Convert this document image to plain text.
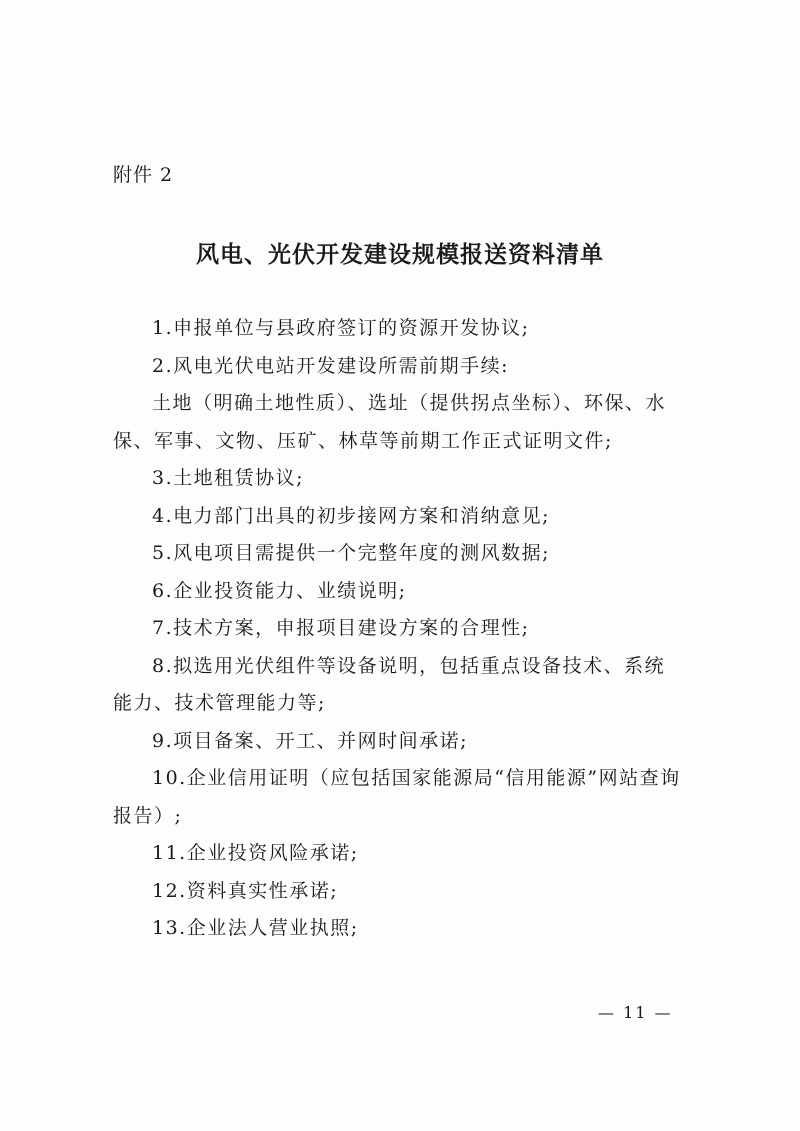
附件 2
风电、光伏开发建设规模报送资料清单

1.申报单位与县政府签订的资源开发协议;

2.风电光伏电站开发建设所需前期手续:

土地（明确土地性质）、选址（提供拐点坐标）、环保、水保、军事、文物、压矿、林草等前期工作正式证明文件;

3.土地租赁协议;

4.电力部门出具的初步接网方案和消纳意见;

5.风电项目需提供一个完整年度的测风数据;

6.企业投资能力、业绩说明;

7.技术方案，申报项目建设方案的合理性;

8.拟选用光伏组件等设备说明，包括重点设备技术、系统能力、技术管理能力等;

9.项目备案、开工、并网时间承诺;

10.企业信用证明（应包括国家能源局“信用能源”网站查询报告）;

11.企业投资风险承诺;

12.资料真实性承诺;

13.企业法人营业执照;

— 11 —
